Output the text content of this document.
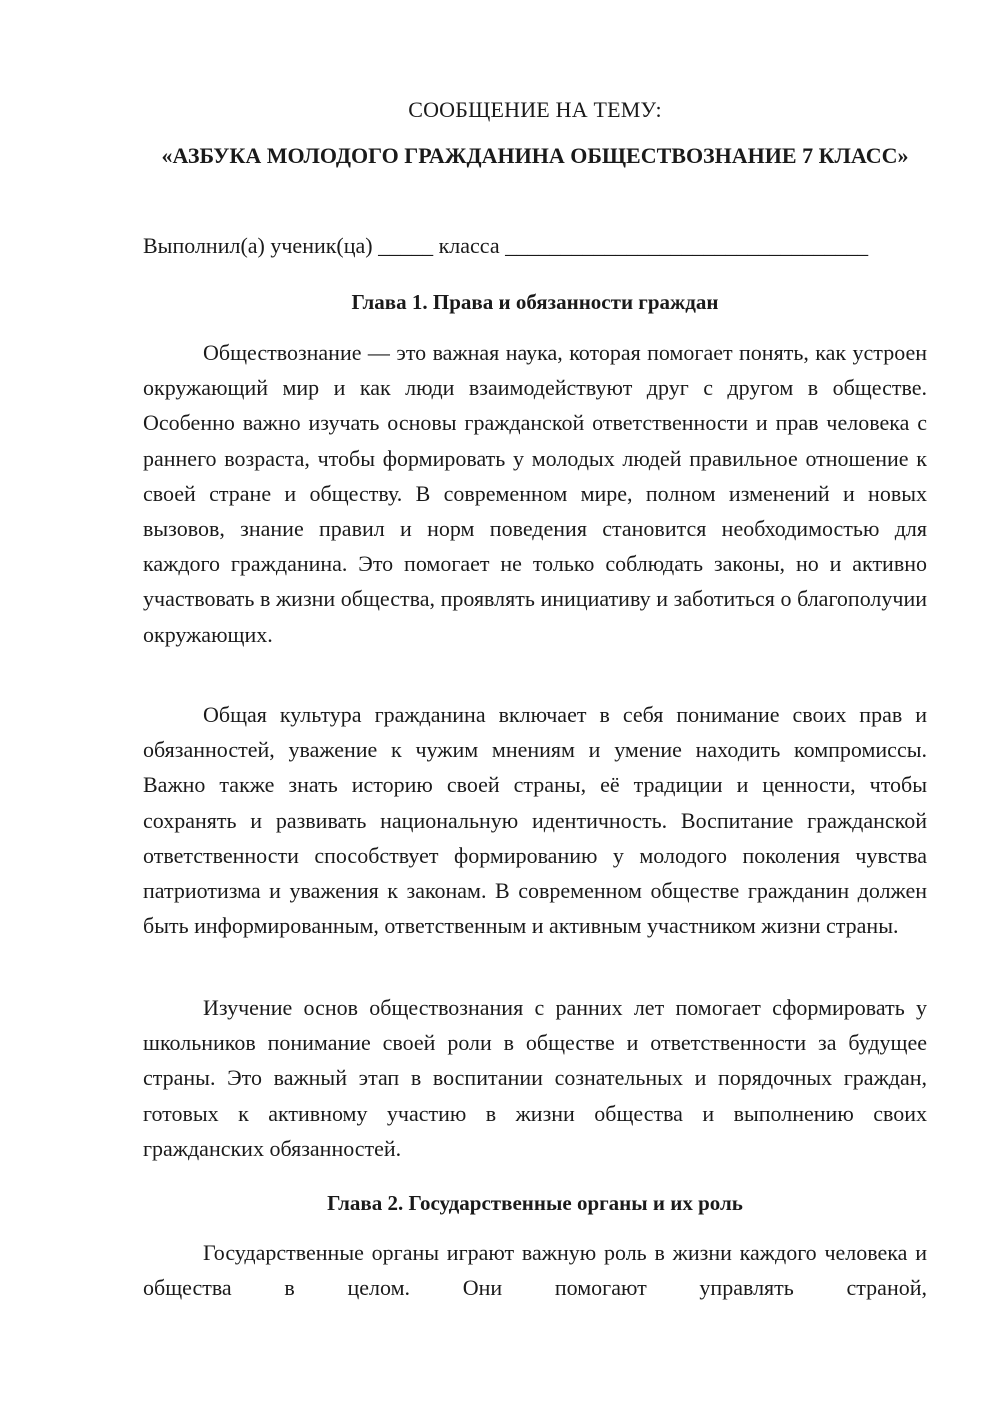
СООБЩЕНИЕ НА ТЕМУ:
«АЗБУКА МОЛОДОГО ГРАЖДАНИНА ОБЩЕСТВОЗНАНИЕ 7 КЛАСС»
Выполнил(а) ученик(ца) _____ класса _________________________________
Глава 1. Права и обязанности граждан

Обществознание — это важная наука, которая помогает понять, как устроен окружающий мир и как люди взаимодействуют друг с другом в обществе. Особенно важно изучать основы гражданской ответственности и прав человека с раннего возраста, чтобы формировать у молодых людей правильное отношение к своей стране и обществу. В современном мире, полном изменений и новых вызовов, знание правил и норм поведения становится необходимостью для каждого гражданина. Это помогает не только соблюдать законы, но и активно участвовать в жизни общества, проявлять инициативу и заботиться о благополучии окружающих.

Общая культура гражданина включает в себя понимание своих прав и обязанностей, уважение к чужим мнениям и умение находить компромиссы. Важно также знать историю своей страны, её традиции и ценности, чтобы сохранять и развивать национальную идентичность. Воспитание гражданской ответственности способствует формированию у молодого поколения чувства патриотизма и уважения к законам. В современном обществе гражданин должен быть информированным, ответственным и активным участником жизни страны.

Изучение основ обществознания с ранних лет помогает сформировать у школьников понимание своей роли в обществе и ответственности за будущее страны. Это важный этап в воспитании сознательных и порядочных граждан, готовых к активному участию в жизни общества и выполнению своих гражданских обязанностей.

Глава 2. Государственные органы и их роль

Государственные органы играют важную роль в жизни каждого человека и общества в целом. Они помогают управлять страной,
